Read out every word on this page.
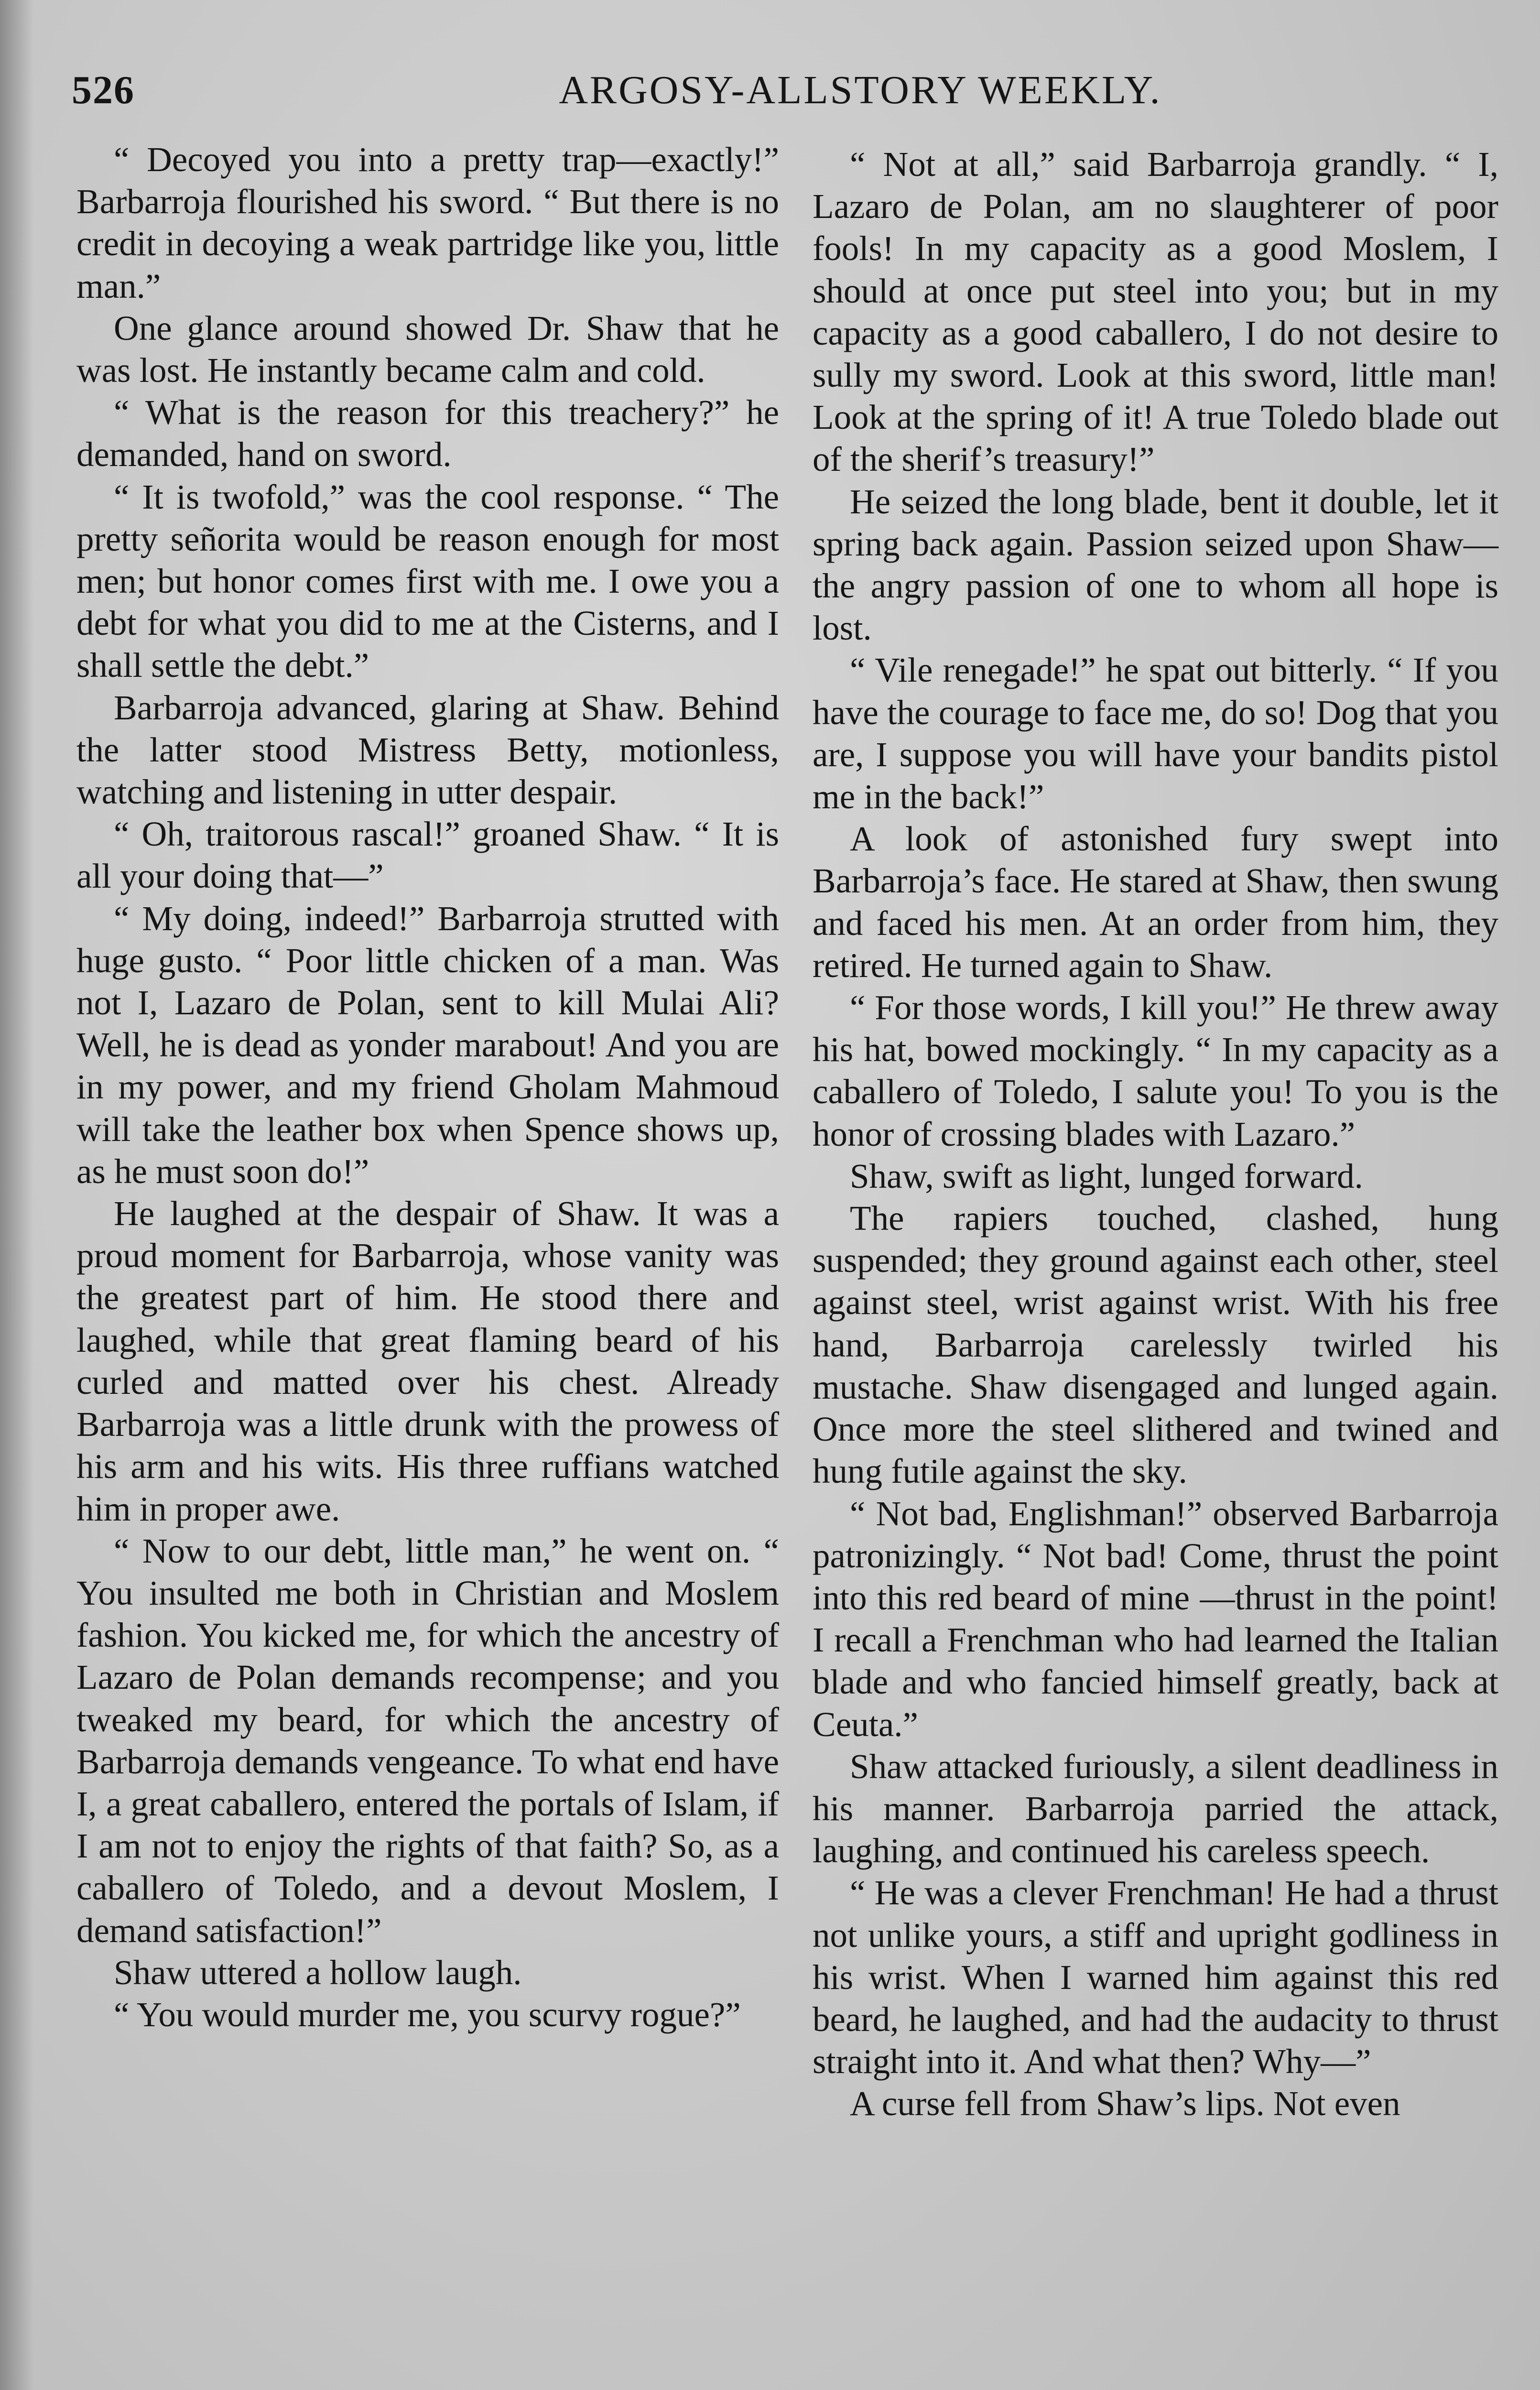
526	ARGOSY-ALLSTORY WEEKLY.

“ Decoyed you into a pretty trap—exactly!” Barbarroja flourished his sword. “ But there is no credit in decoying a weak partridge like you, little man.”

One glance around showed Dr. Shaw that he was lost. He instantly became calm and cold.

“ What is the reason for this treachery?” he demanded, hand on sword.

“ It is twofold,” was the cool response. “ The pretty señorita would be reason enough for most men; but honor comes first with me. I owe you a debt for what you did to me at the Cisterns, and I shall settle the debt.”

Barbarroja advanced, glaring at Shaw. Behind the latter stood Mistress Betty, motionless, watching and listening in utter despair.

“ Oh, traitorous rascal!” groaned Shaw. “ It is all your doing that—”

“ My doing, indeed!” Barbarroja strutted with huge gusto. “ Poor little chicken of a man. Was not I, Lazaro de Polan, sent to kill Mulai Ali? Well, he is dead as yonder marabout! And you are in my power, and my friend Gholam Mahmoud will take the leather box when Spence shows up, as he must soon do!”

He laughed at the despair of Shaw. It was a proud moment for Barbarroja, whose vanity was the greatest part of him. He stood there and laughed, while that great flaming beard of his curled and matted over his chest. Already Barbarroja was a little drunk with the prowess of his arm and his wits. His three ruffians watched him in proper awe.

“ Now to our debt, little man,” he went on. “ You insulted me both in Christian and Moslem fashion. You kicked me, for which the ancestry of Lazaro de Polan demands recompense; and you tweaked my beard, for which the ancestry of Barbarroja demands vengeance. To what end have I, a great caballero, entered the portals of Islam, if I am not to enjoy the rights of that faith? So, as a caballero of Toledo, and a devout Moslem, I demand satisfaction!”

Shaw uttered a hollow laugh.

“ You would murder me, you scurvy rogue?”

“ Not at all,” said Barbarroja grandly. “ I, Lazaro de Polan, am no slaughterer of poor fools! In my capacity as a good Moslem, I should at once put steel into you; but in my capacity as a good caballero, I do not desire to sully my sword. Look at this sword, little man! Look at the spring of it! A true Toledo blade out of the sherif’s treasury!”

He seized the long blade, bent it double, let it spring back again. Passion seized upon Shaw—the angry passion of one to whom all hope is lost.

“ Vile renegade!” he spat out bitterly. “ If you have the courage to face me, do so! Dog that you are, I suppose you will have your bandits pistol me in the back!”

A look of astonished fury swept into Barbarroja’s face. He stared at Shaw, then swung and faced his men. At an order from him, they retired. He turned again to Shaw.

“ For those words, I kill you!” He threw away his hat, bowed mockingly. “ In my capacity as a caballero of Toledo, I salute you! To you is the honor of crossing blades with Lazaro.”

Shaw, swift as light, lunged forward.

The rapiers touched, clashed, hung suspended; they ground against each other, steel against steel, wrist against wrist. With his free hand, Barbarroja carelessly twirled his mustache. Shaw disengaged and lunged again. Once more the steel slithered and twined and hung futile against the sky.

“ Not bad, Englishman!” observed Barbarroja patronizingly. “ Not bad! Come, thrust the point into this red beard of mine —thrust in the point! I recall a Frenchman who had learned the Italian blade and who fancied himself greatly, back at Ceuta.”

Shaw attacked furiously, a silent deadliness in his manner. Barbarroja parried the attack, laughing, and continued his careless speech.

“ He was a clever Frenchman! He had a thrust not unlike yours, a stiff and upright godliness in his wrist. When I warned him against this red beard, he laughed, and had the audacity to thrust straight into it. And what then? Why—”

A curse fell from Shaw’s lips. Not even
